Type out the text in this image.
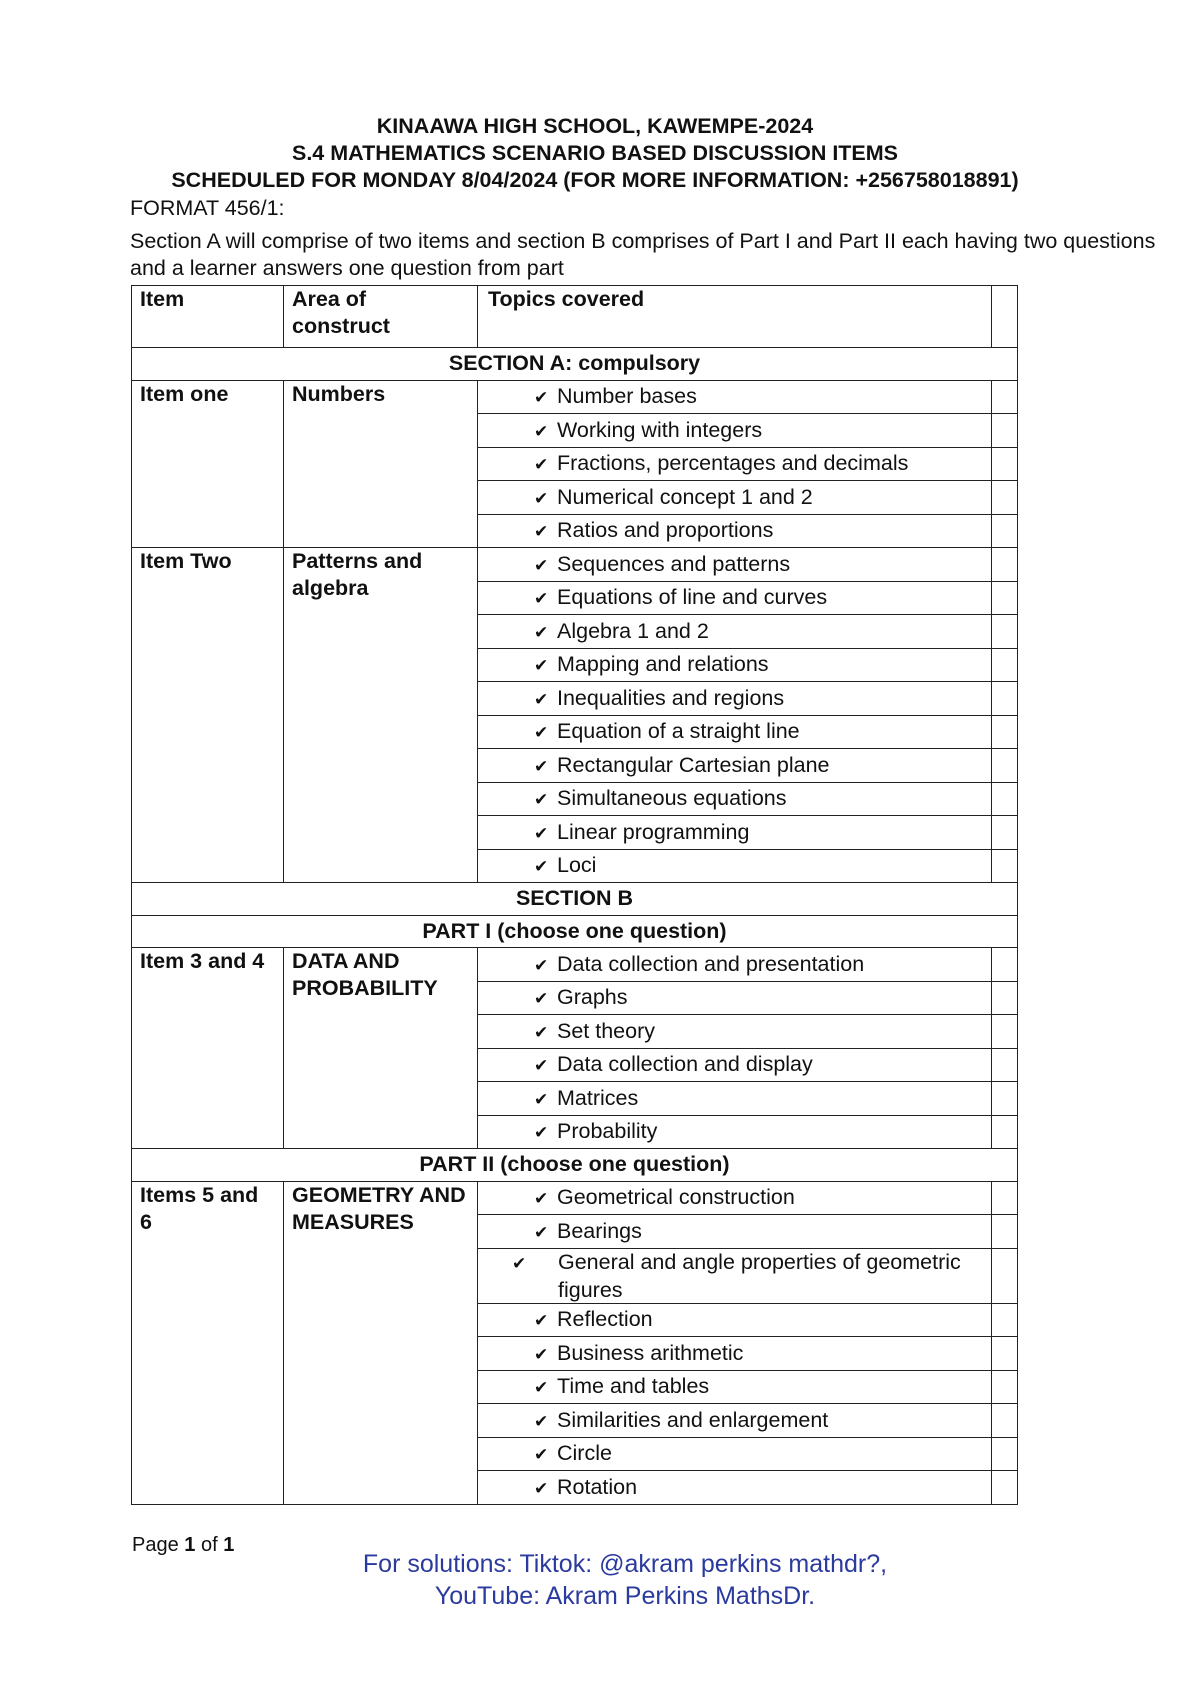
KINAAWA HIGH SCHOOL, KAWEMPE-2024
S.4 MATHEMATICS SCENARIO BASED DISCUSSION ITEMS
SCHEDULED FOR MONDAY 8/04/2024 (FOR MORE INFORMATION: +256758018891)
FORMAT 456/1:
Section A will comprise of two items and section B comprises of Part I and Part II each having two questions and a learner answers one question from part
Item	Area of construct	Topics covered	
SECTION A: compulsory			
Item one	Numbers	✔ Number bases	
		✔ Working with integers	
		✔ Fractions, percentages and decimals	
		✔ Numerical concept 1 and 2	
		✔ Ratios and proportions	
Item Two	Patterns and algebra	✔ Sequences and patterns	
		✔ Equations of line and curves	
		✔ Algebra 1 and 2	
		✔ Mapping and relations	
		✔ Inequalities and regions	
		✔ Equation of a straight line	
		✔ Rectangular Cartesian plane	
		✔ Simultaneous equations	
		✔ Linear programming	
		✔ Loci	
SECTION B			
PART I (choose one question)			
Item 3 and 4	DATA AND PROBABILITY	✔ Data collection and presentation	
		✔ Graphs	
		✔ Set theory	
		✔ Data collection and display	
		✔ Matrices	
		✔ Probability	
PART II (choose one question)			
Items 5 and 6	GEOMETRY AND MEASURES	✔ Geometrical construction	
		✔ Bearings	
		✔ General and angle properties of geometric figures	
		✔ Reflection	
		✔ Business arithmetic	
		✔ Time and tables	
		✔ Similarities and enlargement	
		✔ Circle	
		✔ Rotation	
Page 1 of 1
For solutions: Tiktok: @akram perkins mathdr?,
YouTube: Akram Perkins MathsDr.
